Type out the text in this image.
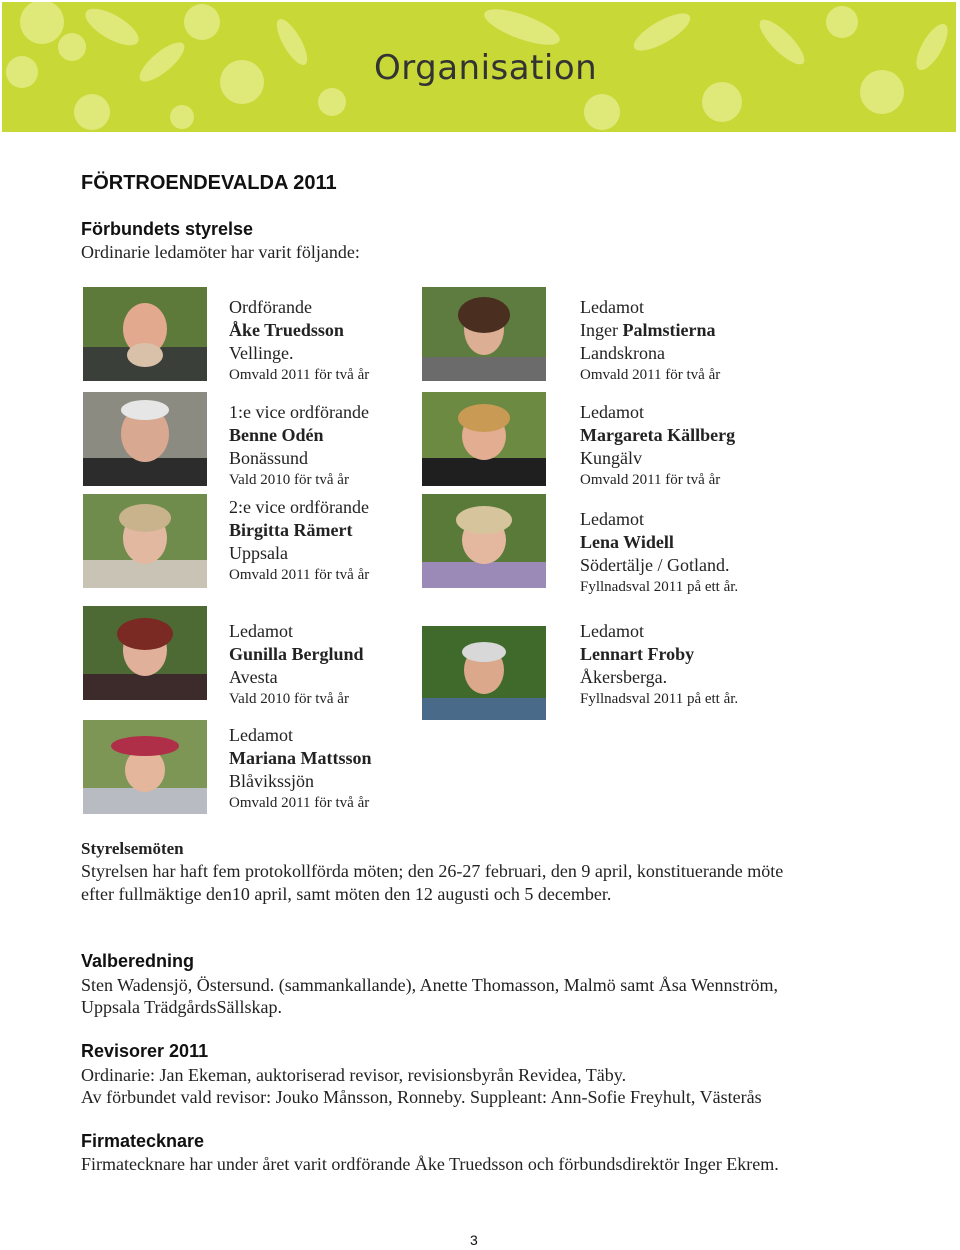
Organisation
FÖRTROENDEVALDA 2011
Förbundets styrelse
Ordinarie ledamöter har varit följande:
Ordförande
Åke Truedsson
Vellinge.
Omvald 2011 för två år
1:e vice ordförande
Benne Odén
Bonässund
Vald 2010 för två år
2:e vice ordförande
Birgitta Rämert
Uppsala
Omvald 2011 för två år
Ledamot
Gunilla Berglund
Avesta
Vald 2010 för två år
Ledamot
Mariana Mattsson
Blåvikssjön
Omvald 2011 för två år
Ledamot
Inger Palmstierna
Landskrona
Omvald 2011 för två år
Ledamot
Margareta Källberg
Kungälv
Omvald 2011 för två år
Ledamot
Lena Widell
Södertälje / Gotland.
Fyllnadsval 2011 på ett år.
Ledamot
Lennart Froby
Åkersberga.
Fyllnadsval 2011 på ett år.
Styrelsemöten
Styrelsen har haft fem protokollförda möten; den 26-27 februari, den 9 april, konstituerande möte
efter fullmäktige den10 april, samt möten den 12 augusti och 5 december.
Valberedning
Sten Wadensjö, Östersund. (sammankallande), Anette Thomasson, Malmö samt Åsa Wennström,
Uppsala TrädgårdsSällskap.
Revisorer 2011
Ordinarie: Jan Ekeman, auktoriserad revisor, revisionsbyrån Revidea, Täby.
Av förbundet vald revisor: Jouko Månsson, Ronneby. Suppleant: Ann-Sofie Freyhult, Västerås
Firmatecknare
Firmatecknare har under året varit ordförande Åke Truedsson och förbundsdirektör Inger Ekrem.
3
